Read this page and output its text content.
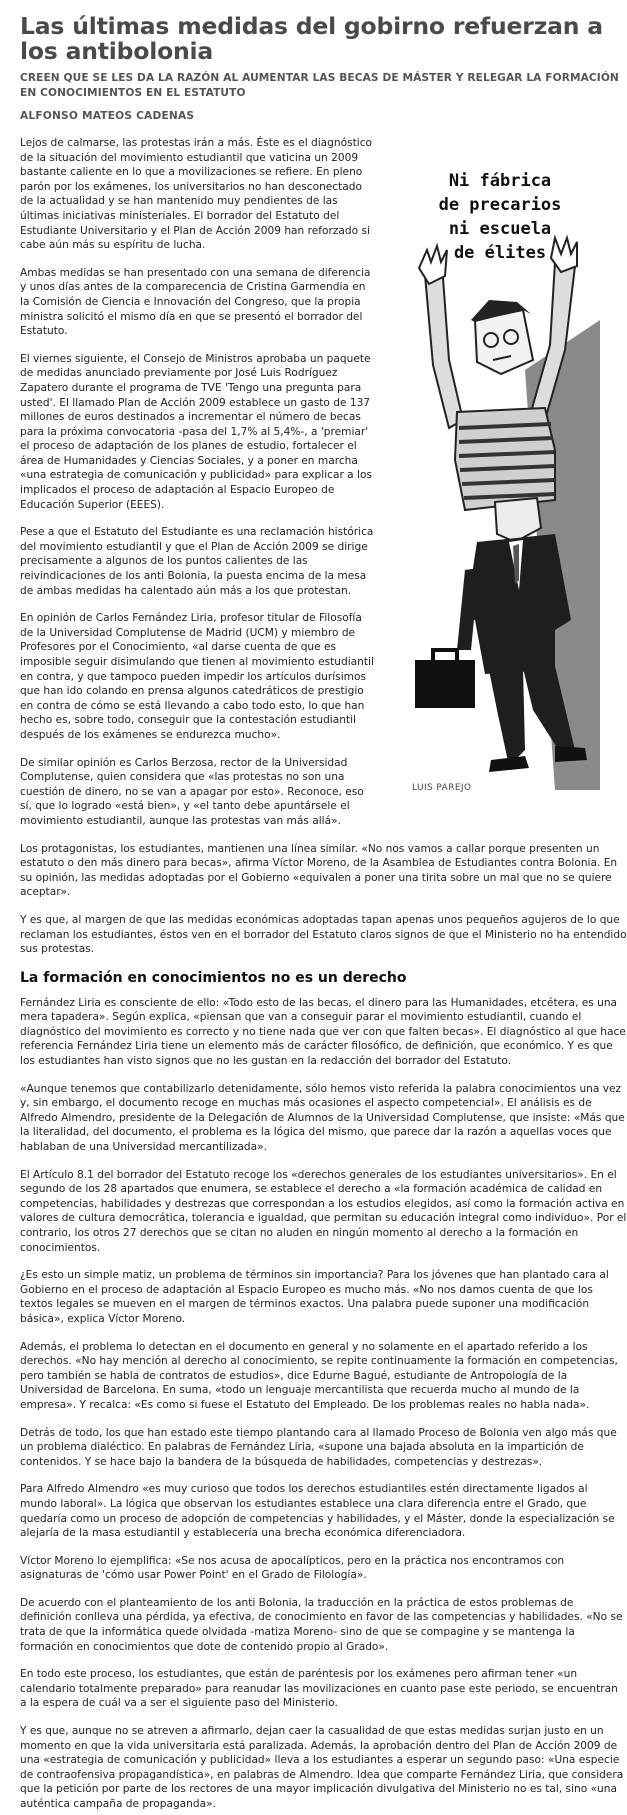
Las últimas medidas del gobirno refuerzan a los antibolonia
CREEN QUE SE LES DA LA RAZÓN AL AUMENTAR LAS BECAS DE MÁSTER Y RELEGAR LA FORMACIÓN EN CONOCIMIENTOS EN EL ESTATUTO
ALFONSO MATEOS CADENAS
Ni fábrica
de precarios
ni escuela
de élites
LUIS PAREJO

Lejos de calmarse, las protestas irán a más. Éste es el diagnóstico de la situación del movimiento estudiantil que vaticina un 2009 bastante caliente en lo que a movilizaciones se refiere. En pleno parón por los exámenes, los universitarios no han desconectado de la actualidad y se han mantenido muy pendientes de las últimas iniciativas ministeriales. El borrador del Estatuto del Estudiante Universitario y el Plan de Acción 2009 han reforzado si cabe aún más su espíritu de lucha.

Ambas medidas se han presentado con una semana de diferencia y unos días antes de la comparecencia de Cristina Garmendia en la Comisión de Ciencia e Innovación del Congreso, que la propia ministra solicitó el mismo día en que se presentó el borrador del Estatuto.

El viernes siguiente, el Consejo de Ministros aprobaba un paquete de medidas anunciado previamente por José Luis Rodríguez Zapatero durante el programa de TVE 'Tengo una pregunta para usted'. El llamado Plan de Acción 2009 establece un gasto de 137 millones de euros destinados a incrementar el número de becas para la próxima convocatoria -pasa del 1,7% al 5,4%-, a 'premiar' el proceso de adaptación de los planes de estudio, fortalecer el área de Humanidades y Ciencias Sociales, y a poner en marcha «una estrategia de comunicación y publicidad» para explicar a los implicados el proceso de adaptación al Espacio Europeo de Educación Superior (EEES).

Pese a que el Estatuto del Estudiante es una reclamación histórica del movimiento estudiantil y que el Plan de Acción 2009 se dirige precisamente a algunos de los puntos calientes de las reivindicaciones de los anti Bolonia, la puesta encima de la mesa de ambas medidas ha calentado aún más a los que protestan.

En opinión de Carlos Fernández Liria, profesor titular de Filosofía de la Universidad Complutense de Madrid (UCM) y miembro de Profesores por el Conocimiento, «al darse cuenta de que es imposible seguir disimulando que tienen al movimiento estudiantil en contra, y que tampoco pueden impedir los artículos durísimos que han ido colando en prensa algunos catedráticos de prestigio en contra de cómo se está llevando a cabo todo esto, lo que han hecho es, sobre todo, conseguir que la contestación estudiantil después de los exámenes se endurezca mucho».

De similar opinión es Carlos Berzosa, rector de la Universidad Complutense, quien considera que «las protestas no son una cuestión de dinero, no se van a apagar por esto». Reconoce, eso sí, que lo logrado «está bien», y «el tanto debe apuntársele el movimiento estudiantil, aunque las protestas van más allá».

Los protagonistas, los estudiantes, mantienen una línea similar. «No nos vamos a callar porque presenten un estatuto o den más dinero para becas», afirma Víctor Moreno, de la Asamblea de Estudiantes contra Bolonia. En su opinión, las medidas adoptadas por el Gobierno «equivalen a poner una tirita sobre un mal que no se quiere aceptar».

Y es que, al margen de que las medidas económicas adoptadas tapan apenas unos pequeños agujeros de lo que reclaman los estudiantes, éstos ven en el borrador del Estatuto claros signos de que el Ministerio no ha entendido sus protestas.

La formación en conocimientos no es un derecho

Fernández Liria es consciente de ello: «Todo esto de las becas, el dinero para las Humanidades, etcétera, es una mera tapadera». Según explica, «piensan que van a conseguir parar el movimiento estudiantil, cuando el diagnóstico del movimiento es correcto y no tiene nada que ver con que falten becas». El diagnóstico al que hace referencia Fernández Liria tiene un elemento más de carácter filosófico, de definición, que económico. Y es que los estudiantes han visto signos que no les gustan en la redacción del borrador del Estatuto.

«Aunque tenemos que contabilizarlo detenidamente, sólo hemos visto referida la palabra conocimientos una vez y, sin embargo, el documento recoge en muchas más ocasiones el aspecto competencial». El análisis es de Alfredo Almendro, presidente de la Delegación de Alumnos de la Universidad Complutense, que insiste: «Más que la literalidad, del documento, el problema es la lógica del mismo, que parece dar la razón a aquellas voces que hablaban de una Universidad mercantilizada».

El Artículo 8.1 del borrador del Estatuto recoge los «derechos generales de los estudiantes universitarios». En el segundo de los 28 apartados que enumera, se establece el derecho a «la formación académica de calidad en competencias, habilidades y destrezas que correspondan a los estudios elegidos, así como la formación activa en valores de cultura democrática, tolerancia e igualdad, que permitan su educación integral como individuo». Por el contrario, los otros 27 derechos que se citan no aluden en ningún momento al derecho a la formación en conocimientos.

¿Es esto un simple matiz, un problema de términos sin importancia? Para los jóvenes que han plantado cara al Gobierno en el proceso de adaptación al Espacio Europeo es mucho más. «No nos damos cuenta de que los textos legales se mueven en el margen de términos exactos. Una palabra puede suponer una modificación básica», explica Víctor Moreno.

Además, el problema lo detectan en el documento en general y no solamente en el apartado referido a los derechos. «No hay mención al derecho al conocimiento, se repite continuamente la formación en competencias, pero también se habla de contratos de estudios», dice Edurne Bagué, estudiante de Antropología de la Universidad de Barcelona. En suma, «todo un lenguaje mercantilista que recuerda mucho al mundo de la empresa». Y recalca: «Es como si fuese el Estatuto del Empleado. De los problemas reales no habla nada».

Detrás de todo, los que han estado este tiempo plantando cara al llamado Proceso de Bolonia ven algo más que un problema dialéctico. En palabras de Fernández Liria, «supone una bajada absoluta en la impartición de contenidos. Y se hace bajo la bandera de la búsqueda de habilidades, competencias y destrezas».

Para Alfredo Almendro «es muy curioso que todos los derechos estudiantiles estén directamente ligados al mundo laboral». La lógica que observan los estudiantes establece una clara diferencia entre el Grado, que quedaría como un proceso de adopción de competencias y habilidades, y el Máster, donde la especialización se alejaría de la masa estudiantil y establecería una brecha económica diferenciadora.

Víctor Moreno lo ejemplifica: «Se nos acusa de apocalípticos, pero en la práctica nos encontramos con asignaturas de 'cómo usar Power Point' en el Grado de Filología».

De acuerdo con el planteamiento de los anti Bolonia, la traducción en la práctica de estos problemas de definición conlleva una pérdida, ya efectiva, de conocimiento en favor de las competencias y habilidades. «No se trata de que la informática quede olvidada -matiza Moreno- sino de que se compagine y se mantenga la formación en conocimientos que dote de contenido propio al Grado».

En todo este proceso, los estudiantes, que están de paréntesis por los exámenes pero afirman tener «un calendario totalmente preparado» para reanudar las movilizaciones en cuanto pase este periodo, se encuentran a la espera de cuál va a ser el siguiente paso del Ministerio.

Y es que, aunque no se atreven a afirmarlo, dejan caer la casualidad de que estas medidas surjan justo en un momento en que la vida universitaria está paralizada. Además, la aprobación dentro del Plan de Acción 2009 de una «estrategia de comunicación y publicidad» lleva a los estudiantes a esperar un segundo paso: «Una especie de contraofensiva propagandística», en palabras de Almendro. Idea que comparte Fernández Liria, que considera que la petición por parte de los rectores de una mayor implicación divulgativa del Ministerio no es tal, sino «una auténtica campaña de propaganda».
